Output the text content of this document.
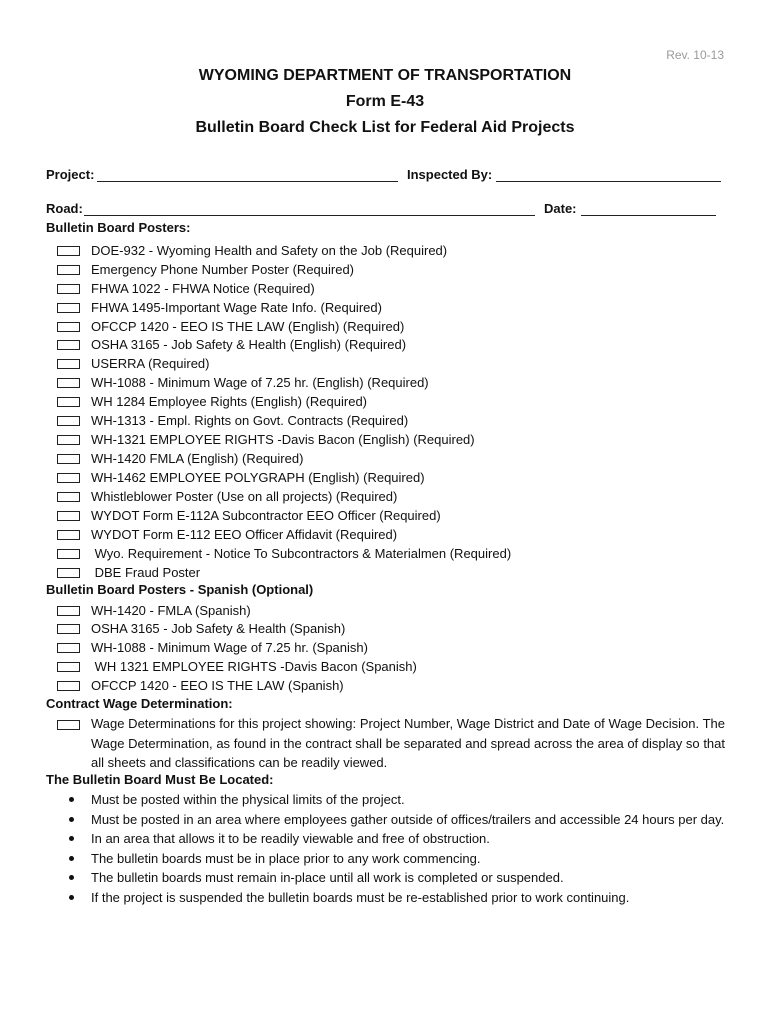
Rev. 10-13
WYOMING DEPARTMENT OF TRANSPORTATION
Form E-43
Bulletin Board Check List for Federal Aid Projects
Project:	Inspected By:
Road:	Date:
Bulletin Board Posters:
DOE-932 - Wyoming Health and Safety on the Job (Required)
Emergency Phone Number Poster (Required)
FHWA 1022 - FHWA Notice (Required)
FHWA 1495-Important Wage Rate Info. (Required)
OFCCP 1420 - EEO IS THE LAW (English) (Required)
OSHA 3165 - Job Safety & Health (English) (Required)
USERRA (Required)
WH-1088 - Minimum Wage of 7.25 hr. (English) (Required)
WH 1284 Employee Rights (English) (Required)
WH-1313 - Empl. Rights on Govt. Contracts (Required)
WH-1321 EMPLOYEE RIGHTS -Davis Bacon (English) (Required)
WH-1420 FMLA (English) (Required)
WH-1462 EMPLOYEE POLYGRAPH (English) (Required)
Whistleblower Poster (Use on all projects) (Required)
WYDOT Form E-112A Subcontractor EEO Officer (Required)
WYDOT Form E-112 EEO Officer Affidavit (Required)
Wyo. Requirement - Notice To Subcontractors & Materialmen (Required)
DBE Fraud Poster
Bulletin Board Posters - Spanish (Optional)
WH-1420 - FMLA (Spanish)
OSHA 3165 - Job Safety & Health (Spanish)
WH-1088 - Minimum Wage of 7.25 hr. (Spanish)
WH 1321 EMPLOYEE RIGHTS -Davis Bacon (Spanish)
OFCCP 1420 - EEO IS THE LAW (Spanish)
Contract Wage Determination:
Wage Determinations for this project showing: Project Number, Wage District and Date of Wage Decision. The Wage Determination, as found in the contract shall be separated and spread across the area of display so that all sheets and classifications can be readily viewed.
The Bulletin Board Must Be Located:
Must be posted within the physical limits of the project.
Must be posted in an area where employees gather outside of offices/trailers and accessible 24 hours per day.
In an area that allows it to be readily viewable and free of obstruction.
The bulletin boards must be in place prior to any work commencing.
The bulletin boards must remain in-place until all work is completed or suspended.
If the project is suspended the bulletin boards must be re-established prior to work continuing.
